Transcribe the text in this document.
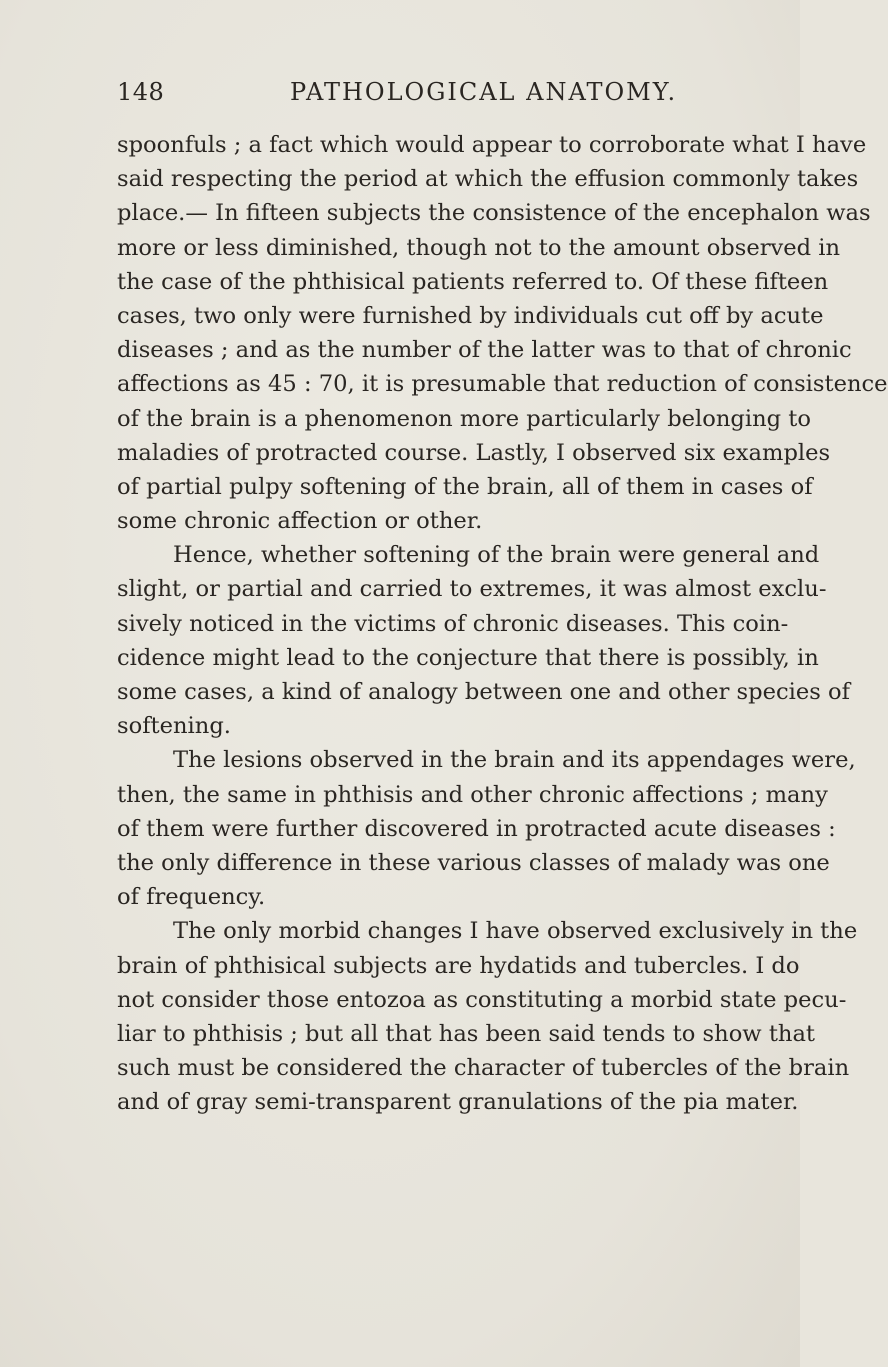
148	PATHOLOGICAL ANATOMY.
spoonfuls ; a fact which would appear to corroborate what I have
said respecting the period at which the effusion commonly takes
place.— In fifteen subjects the consistence of the encephalon was
more or less diminished, though not to the amount observed in
the case of the phthisical patients referred to. Of these fifteen
cases, two only were furnished by individuals cut off by acute
diseases ; and as the number of the latter was to that of chronic
affections as 45 : 70, it is presumable that reduction of consistence
of the brain is a phenomenon more particularly belonging to
maladies of protracted course. Lastly, I observed six examples
of partial pulpy softening of the brain, all of them in cases of
some chronic affection or other.
Hence, whether softening of the brain were general and
slight, or partial and carried to extremes, it was almost exclu-
sively noticed in the victims of chronic diseases. This coin-
cidence might lead to the conjecture that there is possibly, in
some cases, a kind of analogy between one and other species of
softening.
The lesions observed in the brain and its appendages were,
then, the same in phthisis and other chronic affections ; many
of them were further discovered in protracted acute diseases :
the only difference in these various classes of malady was one
of frequency.
The only morbid changes I have observed exclusively in the
brain of phthisical subjects are hydatids and tubercles. I do
not consider those entozoa as constituting a morbid state pecu-
liar to phthisis ; but all that has been said tends to show that
such must be considered the character of tubercles of the brain
and of gray semi-transparent granulations of the pia mater.
